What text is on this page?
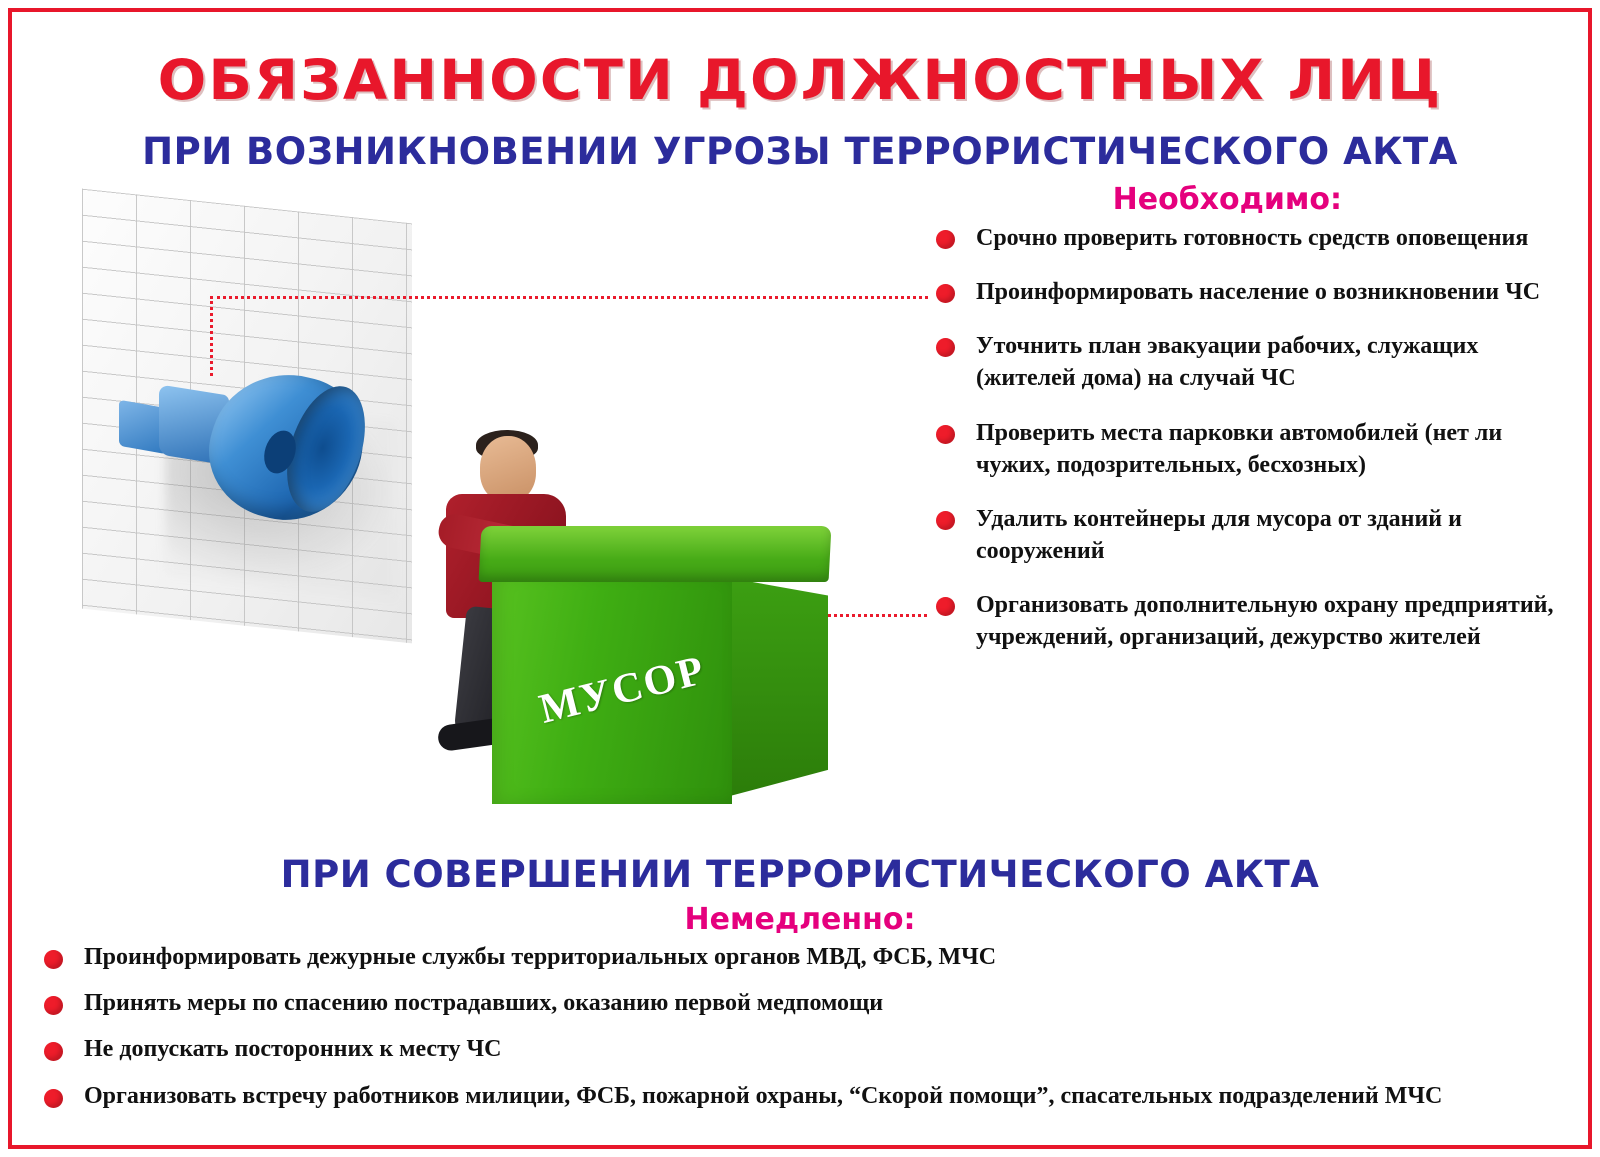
ОБЯЗАННОСТИ ДОЛЖНОСТНЫХ ЛИЦ
ПРИ ВОЗНИКНОВЕНИИ УГРОЗЫ ТЕРРОРИСТИЧЕСКОГО АКТА
Необходимо:
Срочно проверить готовность средств оповещения
Проинформировать население о возникновении ЧС
Уточнить план эвакуации рабочих, служащих (жителей дома) на случай ЧС
Проверить места парковки автомобилей (нет ли чужих, подозрительных, бесхозных)
Удалить контейнеры для мусора от зданий и сооружений
Организовать дополнительную охрану предприятий, учреждений, организаций, дежурство жителей
МУСОР
ПРИ СОВЕРШЕНИИ ТЕРРОРИСТИЧЕСКОГО АКТА
Немедленно:
Проинформировать дежурные службы территориальных органов МВД, ФСБ, МЧС
Принять меры по спасению пострадавших, оказанию первой медпомощи
Не допускать посторонних к месту ЧС
Организовать встречу работников милиции, ФСБ, пожарной охраны, “Скорой помощи”, спасательных подразделений МЧС
